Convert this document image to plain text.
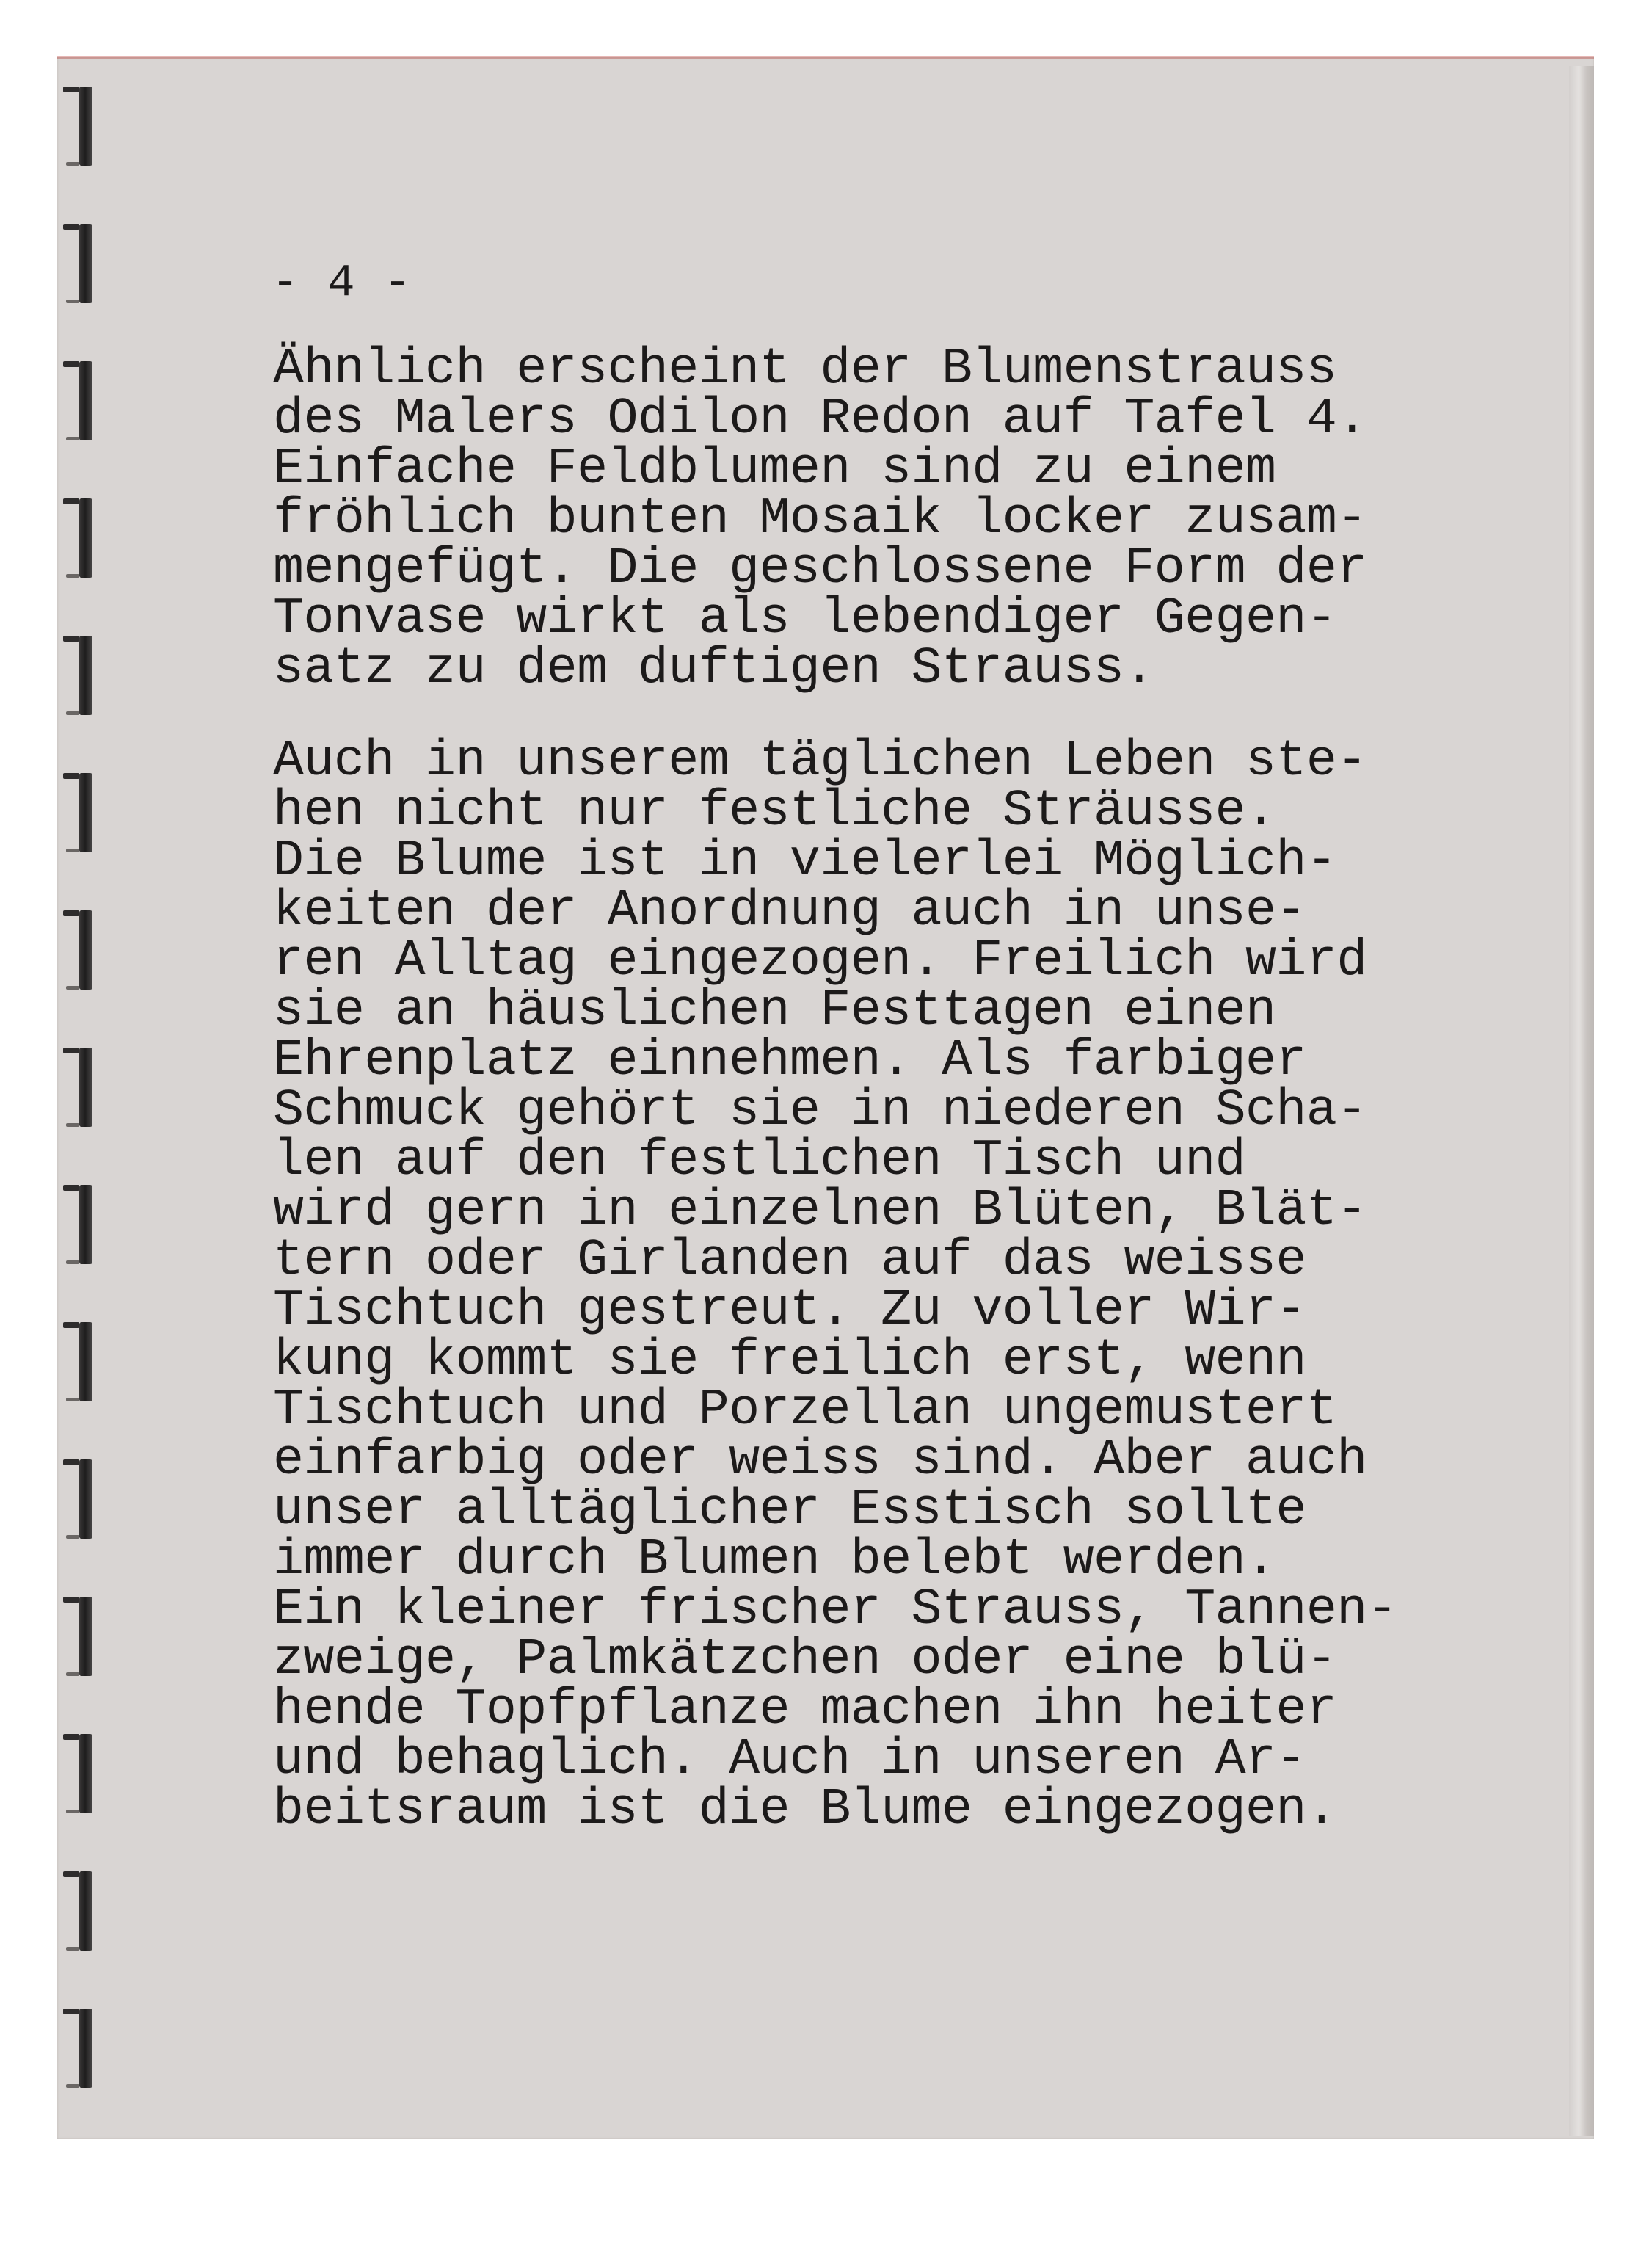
- 4 -
Ähnlich erscheint der Blumenstrauss
des Malers Odilon Redon auf Tafel 4.
Einfache Feldblumen sind zu einem
fröhlich bunten Mosaik locker zusam-
mengefügt. Die geschlossene Form der
Tonvase wirkt als lebendiger Gegen-
satz zu dem duftigen Strauss.
Auch in unserem täglichen Leben ste-
hen nicht nur festliche Sträusse.
Die Blume ist in vielerlei Möglich-
keiten der Anordnung auch in unse-
ren Alltag eingezogen. Freilich wird
sie an häuslichen Festtagen einen
Ehrenplatz einnehmen. Als farbiger
Schmuck gehört sie in niederen Scha-
len auf den festlichen Tisch und
wird gern in einzelnen Blüten, Blät-
tern oder Girlanden auf das weisse
Tischtuch gestreut. Zu voller Wir-
kung kommt sie freilich erst, wenn
Tischtuch und Porzellan ungemustert
einfarbig oder weiss sind. Aber auch
unser alltäglicher Esstisch sollte
immer durch Blumen belebt werden.
Ein kleiner frischer Strauss, Tannen-
zweige, Palmkätzchen oder eine blü-
hende Topfpflanze machen ihn heiter
und behaglich. Auch in unseren Ar-
beitsraum ist die Blume eingezogen.
